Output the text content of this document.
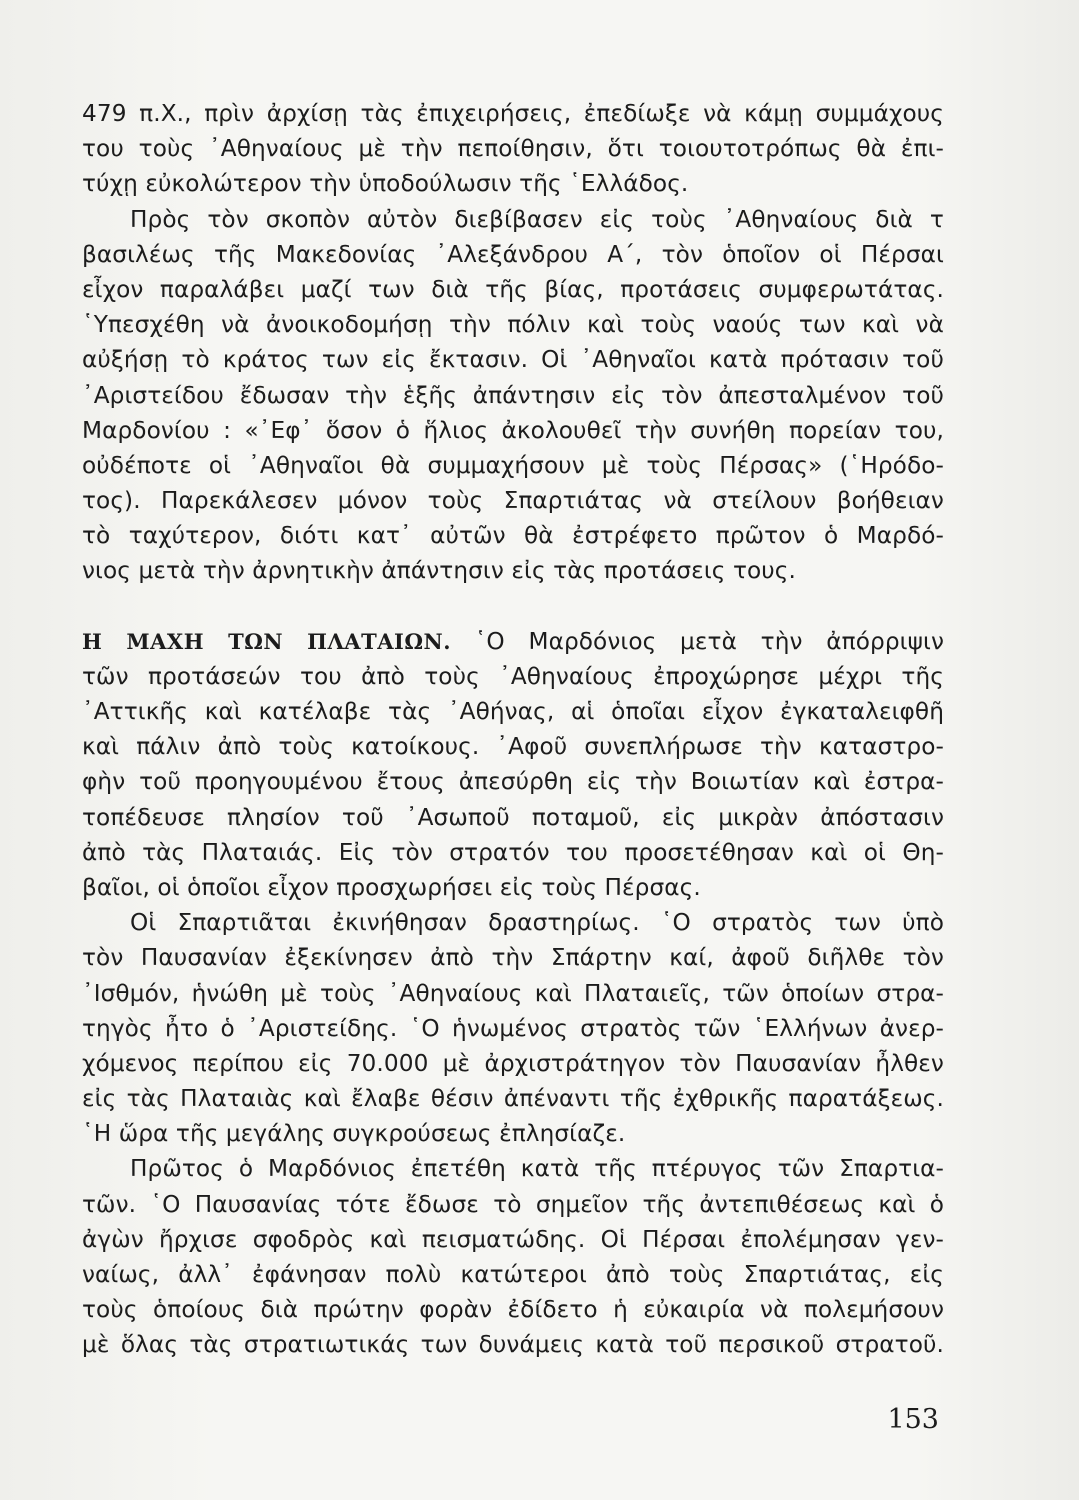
479 π.Χ., πρὶν ἀρχίσῃ τὰς ἐπιχειρήσεις, ἐπεδίωξε νὰ κάμῃ συμμάχους
του τοὺς ᾽Αθηναίους μὲ τὴν πεποίθησιν, ὅτι τοιουτοτρόπως θὰ ἐπι-
τύχῃ εὐκολώτερον τὴν ὑποδούλωσιν τῆς ῾Ελλάδος.
Πρὸς τὸν σκοπὸν αὐτὸν διεβίβασεν εἰς τοὺς ᾽Αθηναίους διὰ τ
βασιλέως τῆς Μακεδονίας ᾽Αλεξάνδρου Α΄, τὸν ὁποῖον οἱ Πέρσαι
εἶχον παραλάβει μαζί των διὰ τῆς βίας, προτάσεις συμφερωτάτας.
῾Υπεσχέθη νὰ ἀνοικοδομήσῃ τὴν πόλιν καὶ τοὺς ναούς των καὶ νὰ
αὐξήσῃ τὸ κράτος των εἰς ἔκτασιν. Οἱ ᾽Αθηναῖοι κατὰ πρότασιν τοῦ
᾽Αριστείδου ἔδωσαν τὴν ἑξῆς ἀπάντησιν εἰς τὸν ἀπεσταλμένον τοῦ
Μαρδονίου : «᾽Εφ᾽ ὅσον ὁ ἥλιος ἀκολουθεῖ τὴν συνήθη πορείαν του,
οὐδέποτε οἱ ᾽Αθηναῖοι θὰ συμμαχήσουν μὲ τοὺς Πέρσας» (῾Ηρόδο-
τος). Παρεκάλεσεν μόνον τοὺς Σπαρτιάτας νὰ στείλουν βοήθειαν
τὸ ταχύτερον, διότι κατ᾽ αὐτῶν θὰ ἐστρέφετο πρῶτον ὁ Μαρδό-
νιος μετὰ τὴν ἀρνητικὴν ἀπάντησιν εἰς τὰς προτάσεις τους.
Η ΜΑΧΗ ΤΩΝ ΠΛΑΤΑΙΩΝ. ῾Ο Μαρδόνιος μετὰ τὴν ἀπόρριψιν
τῶν προτάσεών του ἀπὸ τοὺς ᾽Αθηναίους ἐπροχώρησε μέχρι τῆς
᾽Αττικῆς καὶ κατέλαβε τὰς ᾽Αθήνας, αἱ ὁποῖαι εἶχον ἐγκαταλειφθῆ
καὶ πάλιν ἀπὸ τοὺς κατοίκους. ᾽Αφοῦ συνεπλήρωσε τὴν καταστρο-
φὴν τοῦ προηγουμένου ἔτους ἀπεσύρθη εἰς τὴν Βοιωτίαν καὶ ἐστρα-
τοπέδευσε πλησίον τοῦ ᾽Ασωποῦ ποταμοῦ, εἰς μικρὰν ἀπόστασιν
ἀπὸ τὰς Πλαταιάς. Εἰς τὸν στρατόν του προσετέθησαν καὶ οἱ Θη-
βαῖοι, οἱ ὁποῖοι εἶχον προσχωρήσει εἰς τοὺς Πέρσας.
Οἱ Σπαρτιᾶται ἐκινήθησαν δραστηρίως. ῾Ο στρατὸς των ὑπὸ
τὸν Παυσανίαν ἐξεκίνησεν ἀπὸ τὴν Σπάρτην καί, ἀφοῦ διῆλθε τὸν
᾽Ισθμόν, ἡνώθη μὲ τοὺς ᾽Αθηναίους καὶ Πλαταιεῖς, τῶν ὁποίων στρα-
τηγὸς ἦτο ὁ ᾽Αριστείδης. ῾Ο ἡνωμένος στρατὸς τῶν ῾Ελλήνων ἀνερ-
χόμενος περίπου εἰς 70.000 μὲ ἀρχιστράτηγον τὸν Παυσανίαν ἦλθεν
εἰς τὰς Πλαταιὰς καὶ ἔλαβε θέσιν ἀπέναντι τῆς ἐχθρικῆς παρατάξεως.
῾Η ὥρα τῆς μεγάλης συγκρούσεως ἐπλησίαζε.
Πρῶτος ὁ Μαρδόνιος ἐπετέθη κατὰ τῆς πτέρυγος τῶν Σπαρτια-
τῶν. ῾Ο Παυσανίας τότε ἔδωσε τὸ σημεῖον τῆς ἀντεπιθέσεως καὶ ὁ
ἀγὼν ἤρχισε σφοδρὸς καὶ πεισματώδης. Οἱ Πέρσαι ἐπολέμησαν γεν-
ναίως, ἀλλ᾽ ἐφάνησαν πολὺ κατώτεροι ἀπὸ τοὺς Σπαρτιάτας, εἰς
τοὺς ὁποίους διὰ πρώτην φορὰν ἐδίδετο ἡ εὐκαιρία νὰ πολεμήσουν
μὲ ὅλας τὰς στρατιωτικάς των δυνάμεις κατὰ τοῦ περσικοῦ στρατοῦ.
153
